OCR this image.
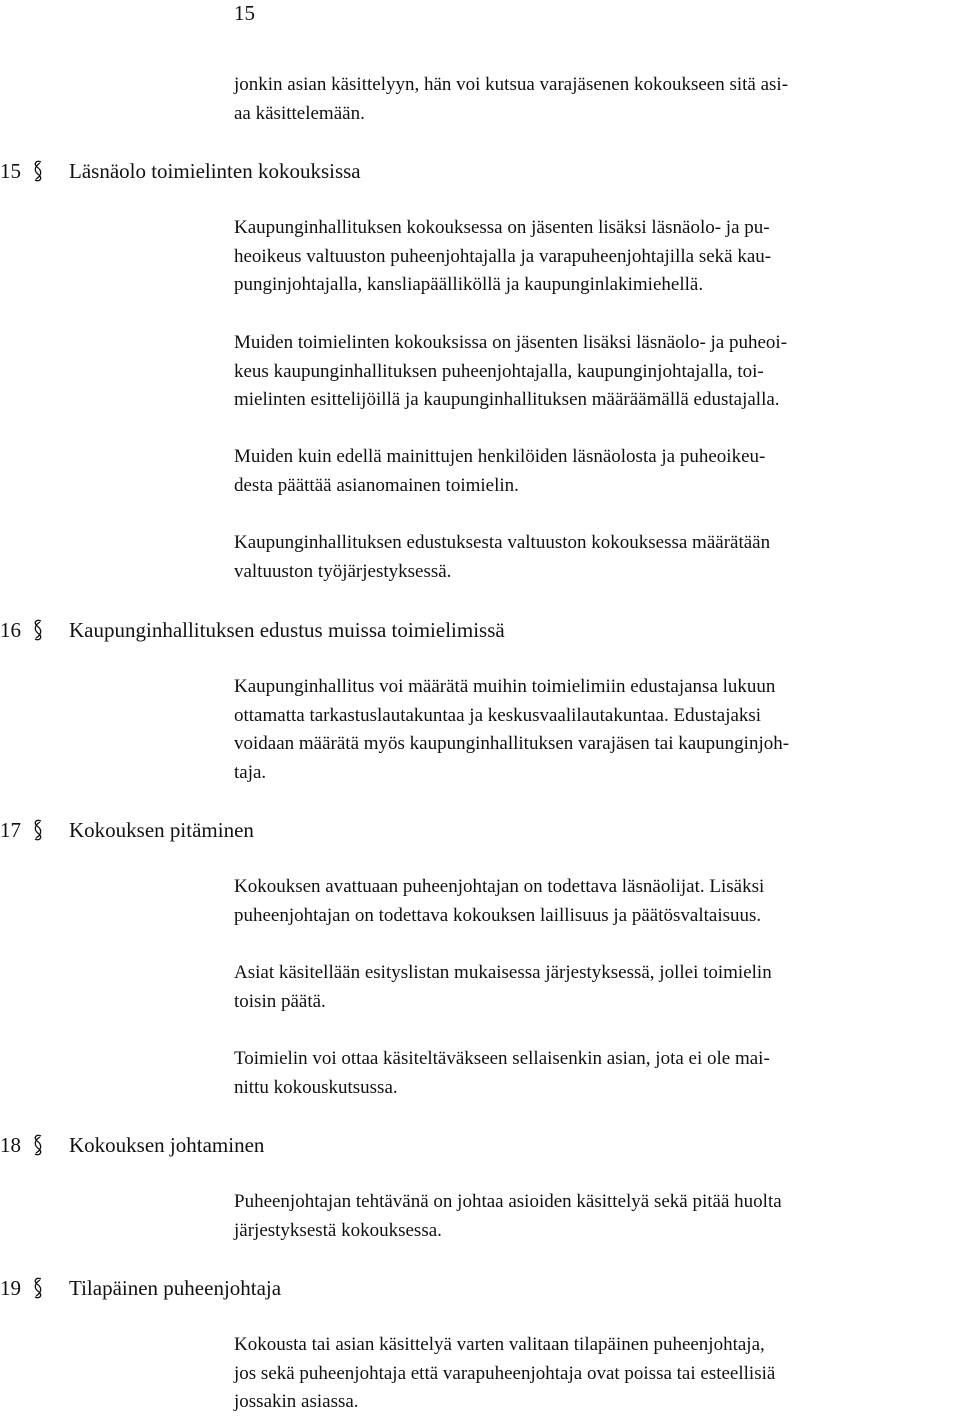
15

jonkin asian käsittelyyn, hän voi kutsua varajäsenen kokoukseen sitä asi-
aa käsittelemään.

15 Läsnäolo toimielinten kokouksissa

Kaupunginhallituksen kokouksessa on jäsenten lisäksi läsnäolo- ja pu-
heoikeus valtuuston puheenjohtajalla ja varapuheenjohtajilla sekä kau-
punginjohtajalla, kansliapäälliköllä ja kaupunginlakimiehellä.

Muiden toimielinten kokouksissa on jäsenten lisäksi läsnäolo- ja puheoi-
keus kaupunginhallituksen puheenjohtajalla, kaupunginjohtajalla, toi-
mielinten esittelijöillä ja kaupunginhallituksen määräämällä edustajalla.

Muiden kuin edellä mainittujen henkilöiden läsnäolosta ja puheoikeu-
desta päättää asianomainen toimielin.

Kaupunginhallituksen edustuksesta valtuuston kokouksessa määrätään
valtuuston työjärjestyksessä.

16 Kaupunginhallituksen edustus muissa toimielimissä

Kaupunginhallitus voi määrätä muihin toimielimiin edustajansa lukuun
ottamatta tarkastuslautakuntaa ja keskusvaalilautakuntaa. Edustajaksi
voidaan määrätä myös kaupunginhallituksen varajäsen tai kaupunginjoh-
taja.

17 Kokouksen pitäminen

Kokouksen avattuaan puheenjohtajan on todettava läsnäolijat. Lisäksi
puheenjohtajan on todettava kokouksen laillisuus ja päätösvaltaisuus.

Asiat käsitellään esityslistan mukaisessa järjestyksessä, jollei toimielin
toisin päätä.

Toimielin voi ottaa käsiteltäväkseen sellaisenkin asian, jota ei ole mai-
nittu kokouskutsussa.

18 Kokouksen johtaminen

Puheenjohtajan tehtävänä on johtaa asioiden käsittelyä sekä pitää huolta
järjestyksestä kokouksessa.

19 Tilapäinen puheenjohtaja

Kokousta tai asian käsittelyä varten valitaan tilapäinen puheenjohtaja,
jos sekä puheenjohtaja että varapuheenjohtaja ovat poissa tai esteellisiä
jossakin asiassa.
